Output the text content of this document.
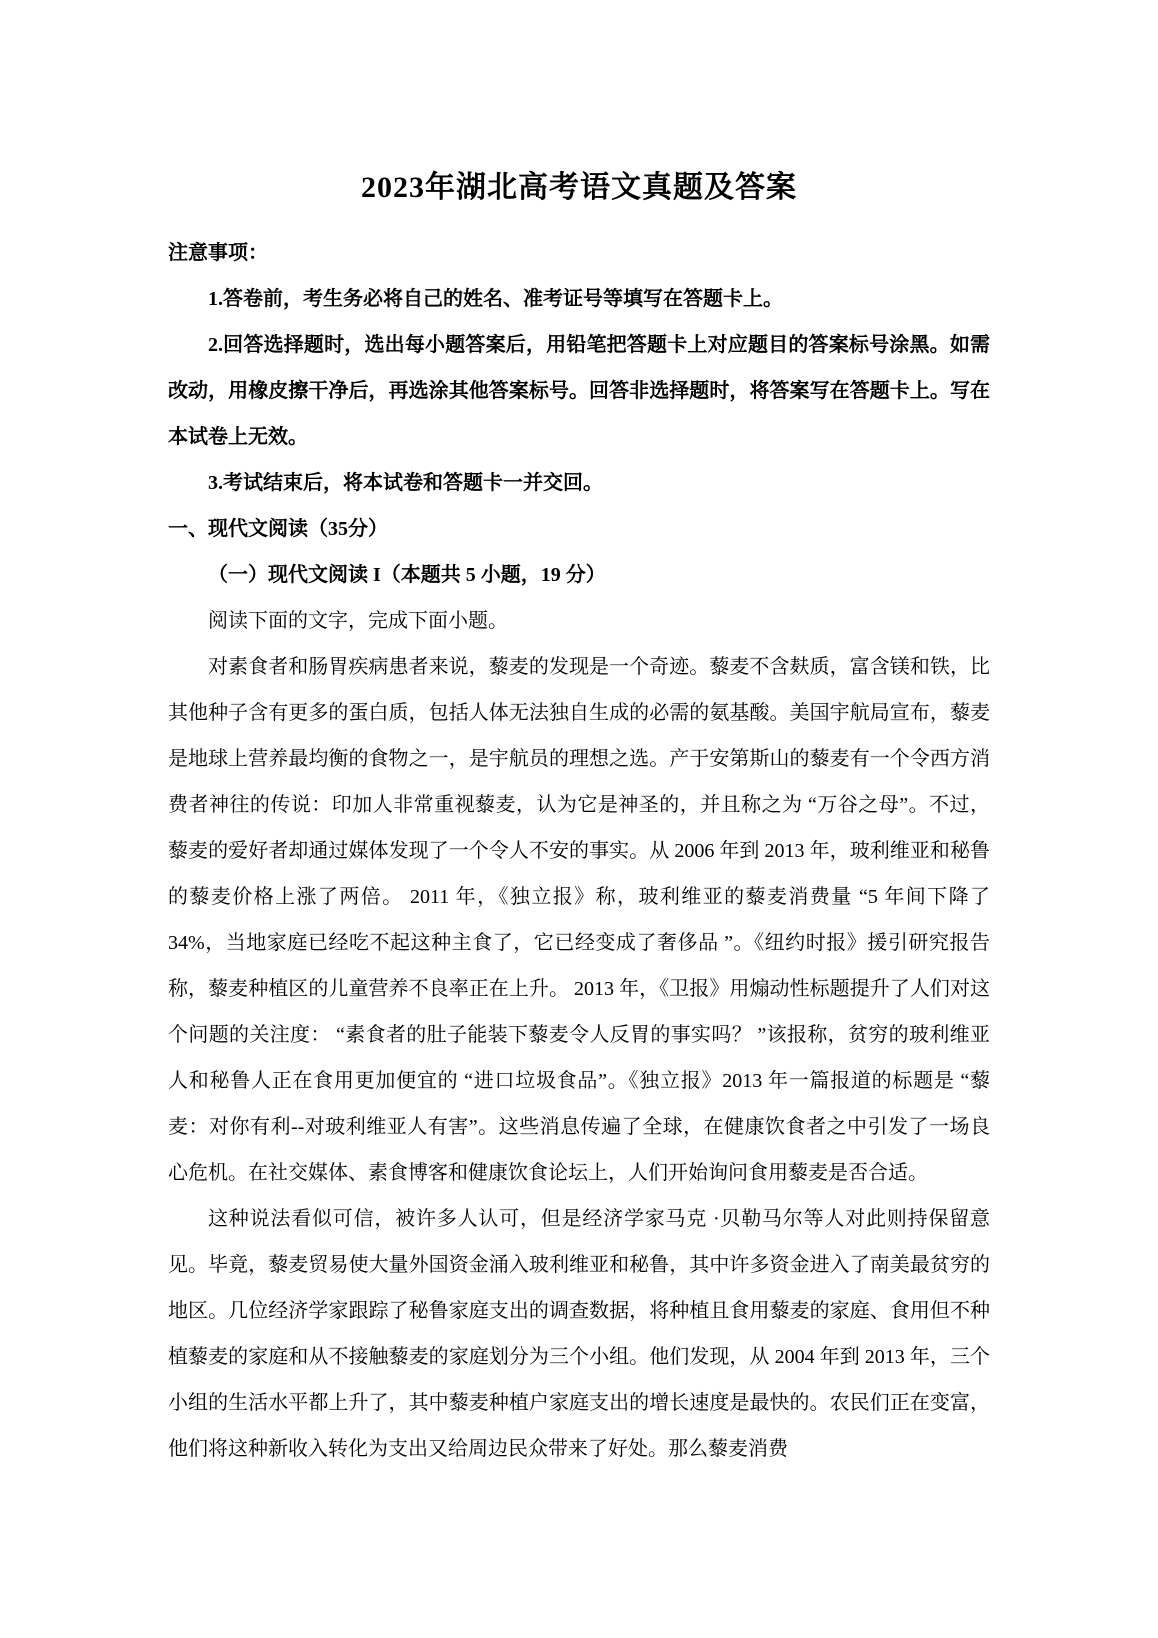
2023年湖北高考语文真题及答案

注意事项：

1.答卷前，考生务必将自己的姓名、准考证号等填写在答题卡上。

2.回答选择题时，选出每小题答案后，用铅笔把答题卡上对应题目的答案标号涂黑。如需改动，用橡皮擦干净后，再选涂其他答案标号。回答非选择题时，将答案写在答题卡上。写在本试卷上无效。

3.考试结束后，将本试卷和答题卡一并交回。

一、现代文阅读（35分）

（一）现代文阅读 I（本题共 5 小题，19 分）

阅读下面的文字，完成下面小题。

对素食者和肠胃疾病患者来说，藜麦的发现是一个奇迹。藜麦不含麸质，富含镁和铁，比其他种子含有更多的蛋白质，包括人体无法独自生成的必需的氨基酸。美国宇航局宣布，藜麦是地球上营养最均衡的食物之一，是宇航员的理想之选。产于安第斯山的藜麦有一个令西方消费者神往的传说：印加人非常重视藜麦，认为它是神圣的，并且称之为 “万谷之母”。不过，藜麦的爱好者却通过媒体发现了一个令人不安的事实。从 2006 年到 2013 年，玻利维亚和秘鲁的藜麦价格上涨了两倍。 2011 年，《独立报》称，玻利维亚的藜麦消费量 “5 年间下降了 34%，当地家庭已经吃不起这种主食了，它已经变成了奢侈品 ”。《纽约时报》援引研究报告称，藜麦种植区的儿童营养不良率正在上升。 2013 年，《卫报》用煽动性标题提升了人们对这个问题的关注度： “素食者的肚子能装下藜麦令人反胃的事实吗？ ”该报称，贫穷的玻利维亚人和秘鲁人正在食用更加便宜的 “进口垃圾食品”。《独立报》2013 年一篇报道的标题是 “藜麦：对你有利--对玻利维亚人有害”。这些消息传遍了全球，在健康饮食者之中引发了一场良心危机。在社交媒体、素食博客和健康饮食论坛上，人们开始询问食用藜麦是否合适。

这种说法看似可信，被许多人认可，但是经济学家马克 ·贝勒马尔等人对此则持保留意见。毕竟，藜麦贸易使大量外国资金涌入玻利维亚和秘鲁，其中许多资金进入了南美最贫穷的地区。几位经济学家跟踪了秘鲁家庭支出的调查数据，将种植且食用藜麦的家庭、食用但不种植藜麦的家庭和从不接触藜麦的家庭划分为三个小组。他们发现，从 2004 年到 2013 年，三个小组的生活水平都上升了，其中藜麦种植户家庭支出的增长速度是最快的。农民们正在变富，他们将这种新收入转化为支出又给周边民众带来了好处。那么藜麦消费
